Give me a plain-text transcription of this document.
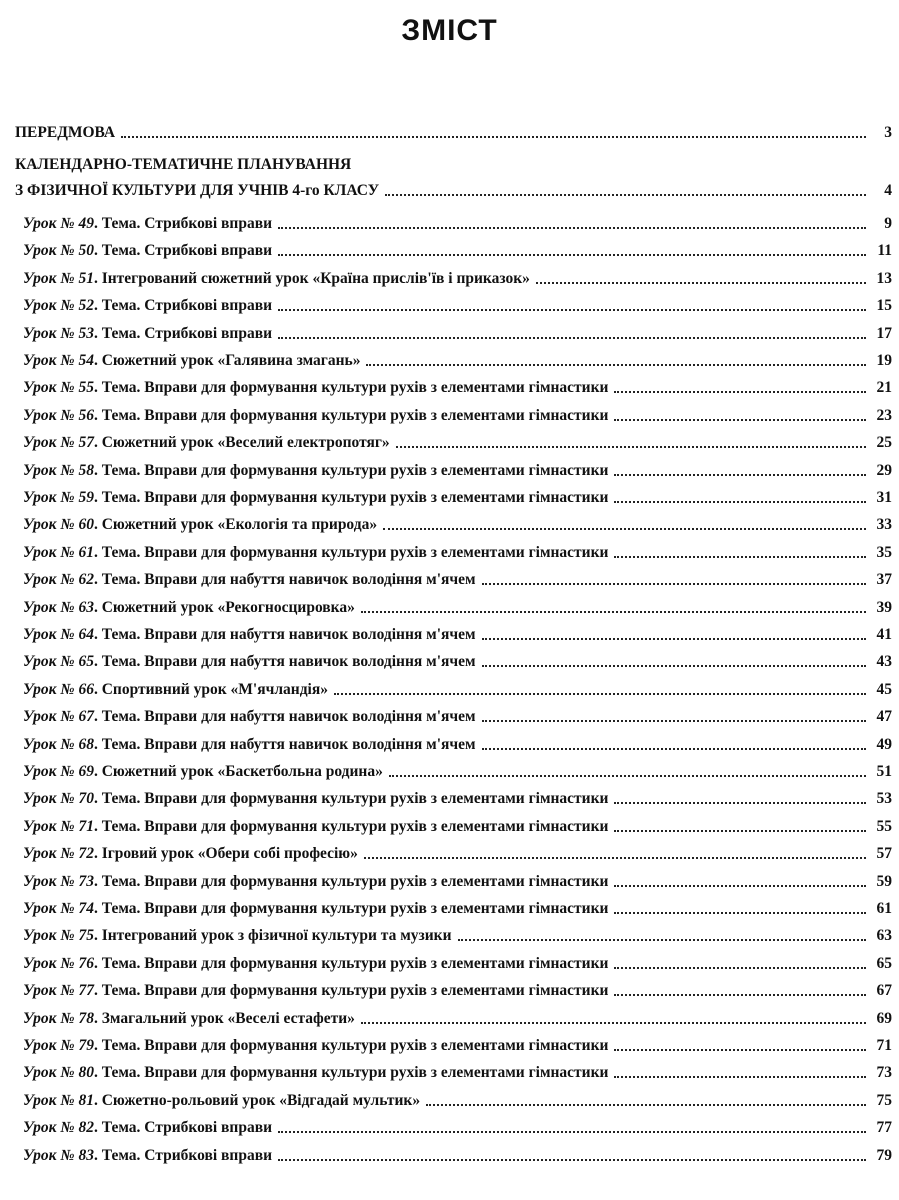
ЗМІСТ
ПЕРЕДМОВА	3
КАЛЕНДАРНО-ТЕМАТИЧНЕ ПЛАНУВАННЯ
З ФІЗИЧНОЇ КУЛЬТУРИ ДЛЯ УЧНІВ 4-го КЛАСУ	4
Урок № 49. Тема. Стрибкові вправи	9
Урок № 50. Тема. Стрибкові вправи	11
Урок № 51. Інтегрований сюжетний урок «Країна прислів'їв і приказок»	13
Урок № 52. Тема. Стрибкові вправи	15
Урок № 53. Тема. Стрибкові вправи	17
Урок № 54. Сюжетний урок «Галявина змагань»	19
Урок № 55. Тема. Вправи для формування культури рухів з елементами гімнастики	21
Урок № 56. Тема. Вправи для формування культури рухів з елементами гімнастики	23
Урок № 57. Сюжетний урок «Веселий електропотяг»	25
Урок № 58. Тема. Вправи для формування культури рухів з елементами гімнастики	29
Урок № 59. Тема. Вправи для формування культури рухів з елементами гімнастики	31
Урок № 60. Сюжетний урок «Екологія та природа»	33
Урок № 61. Тема. Вправи для формування культури рухів з елементами гімнастики	35
Урок № 62. Тема. Вправи для набуття навичок володіння м'ячем	37
Урок № 63. Сюжетний урок «Рекогносцировка»	39
Урок № 64. Тема. Вправи для набуття навичок володіння м'ячем	41
Урок № 65. Тема. Вправи для набуття навичок володіння м'ячем	43
Урок № 66. Спортивний урок «М'ячландія»	45
Урок № 67. Тема. Вправи для набуття навичок володіння м'ячем	47
Урок № 68. Тема. Вправи для набуття навичок володіння м'ячем	49
Урок № 69. Сюжетний урок «Баскетбольна родина»	51
Урок № 70. Тема. Вправи для формування культури рухів з елементами гімнастики	53
Урок № 71. Тема. Вправи для формування культури рухів з елементами гімнастики	55
Урок № 72. Ігровий урок «Обери собі професію»	57
Урок № 73. Тема. Вправи для формування культури рухів з елементами гімнастики	59
Урок № 74. Тема. Вправи для формування культури рухів з елементами гімнастики	61
Урок № 75. Інтегрований урок з фізичної культури та музики	63
Урок № 76. Тема. Вправи для формування культури рухів з елементами гімнастики	65
Урок № 77. Тема. Вправи для формування культури рухів з елементами гімнастики	67
Урок № 78. Змагальний урок «Веселі естафети»	69
Урок № 79. Тема. Вправи для формування культури рухів з елементами гімнастики	71
Урок № 80. Тема. Вправи для формування культури рухів з елементами гімнастики	73
Урок № 81. Сюжетно-рольовий урок «Відгадай мультик»	75
Урок № 82. Тема. Стрибкові вправи	77
Урок № 83. Тема. Стрибкові вправи	79
